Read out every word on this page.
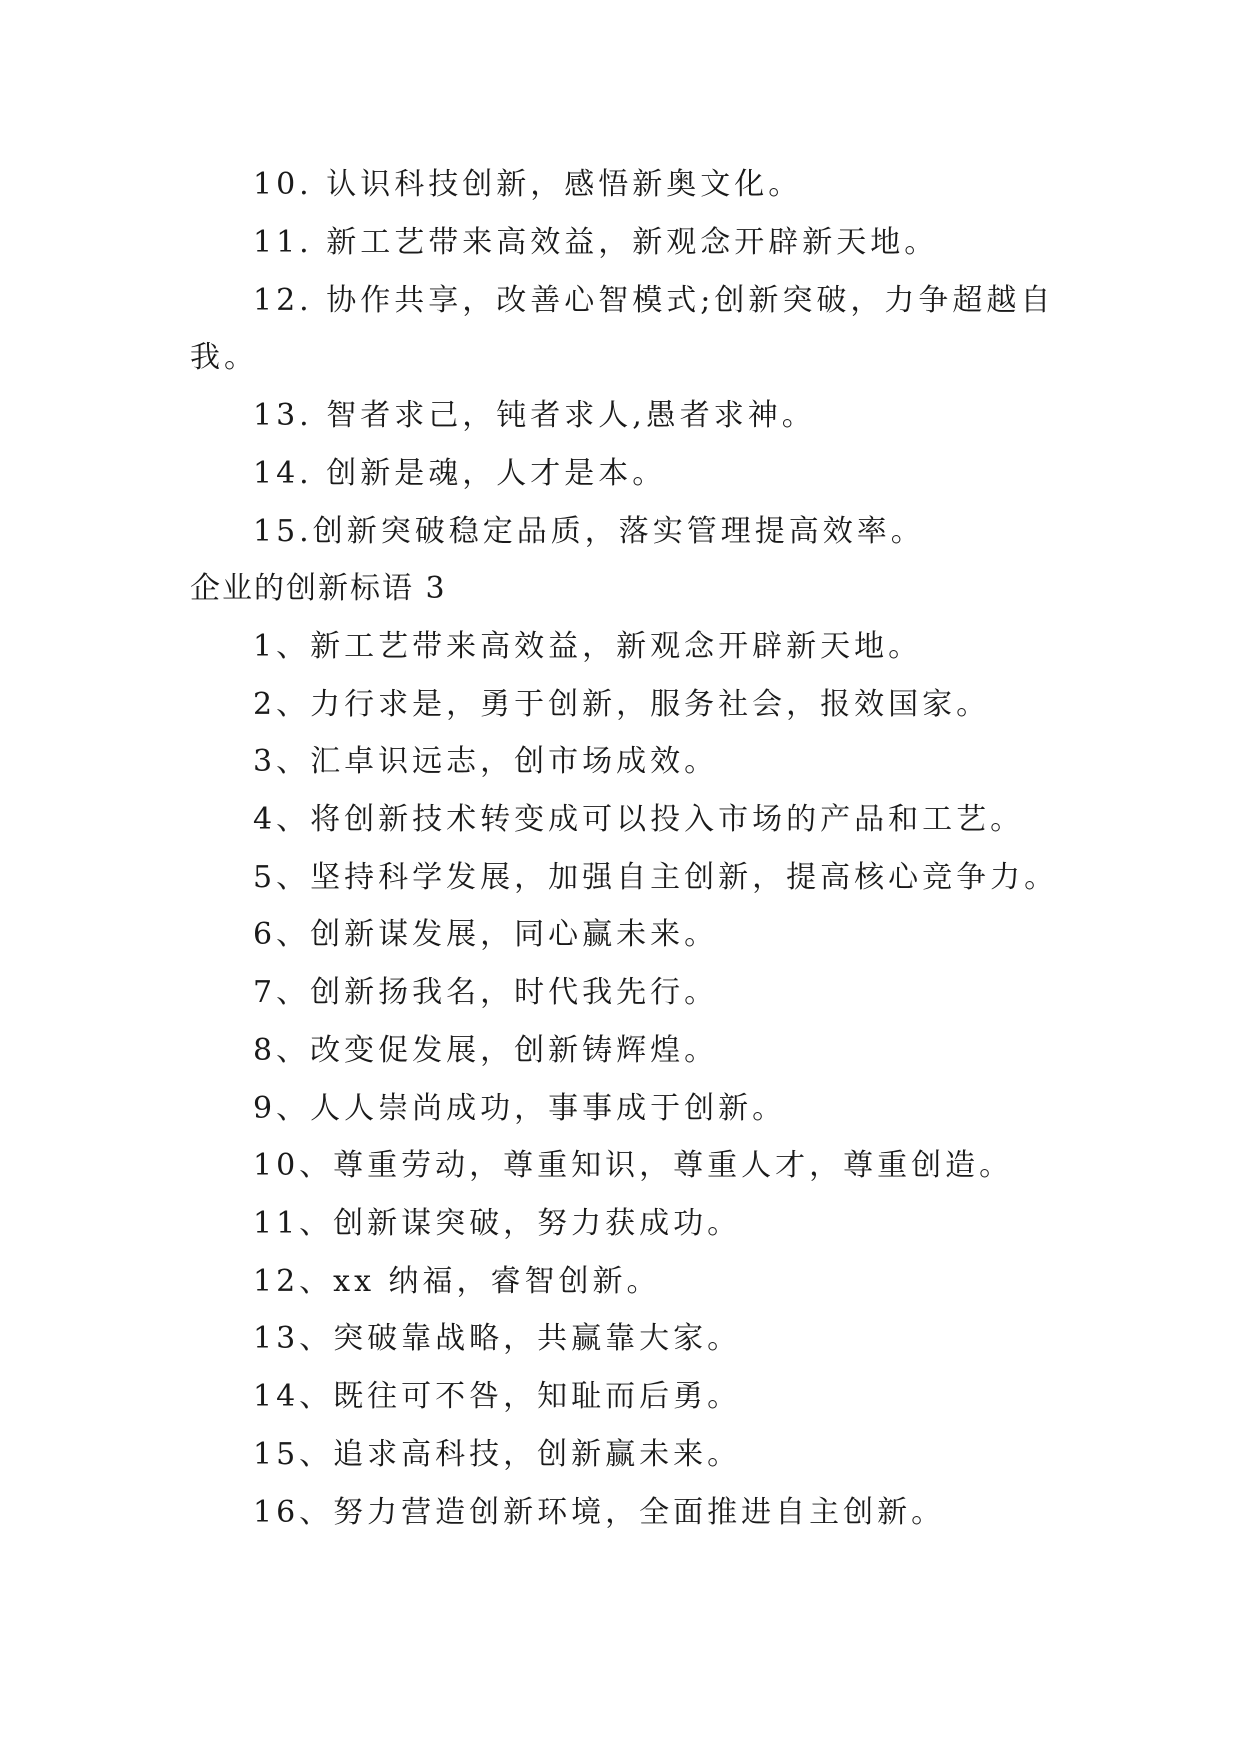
10. 认识科技创新，感悟新奥文化。
11. 新工艺带来高效益，新观念开辟新天地。
12. 协作共享，改善心智模式;创新突破，力争超越自
我。
13. 智者求己，钝者求人,愚者求神。
14. 创新是魂，人才是本。
15.创新突破稳定品质，落实管理提高效率。
企业的创新标语 3
1、新工艺带来高效益，新观念开辟新天地。
2、力行求是，勇于创新，服务社会，报效国家。
3、汇卓识远志，创市场成效。
4、将创新技术转变成可以投入市场的产品和工艺。
5、坚持科学发展，加强自主创新，提高核心竞争力。
6、创新谋发展，同心赢未来。
7、创新扬我名，时代我先行。
8、改变促发展，创新铸辉煌。
9、人人崇尚成功，事事成于创新。
10、尊重劳动，尊重知识，尊重人才，尊重创造。
11、创新谋突破，努力获成功。
12、xx 纳福，睿智创新。
13、突破靠战略，共赢靠大家。
14、既往可不咎，知耻而后勇。
15、追求高科技，创新赢未来。
16、努力营造创新环境，全面推进自主创新。
